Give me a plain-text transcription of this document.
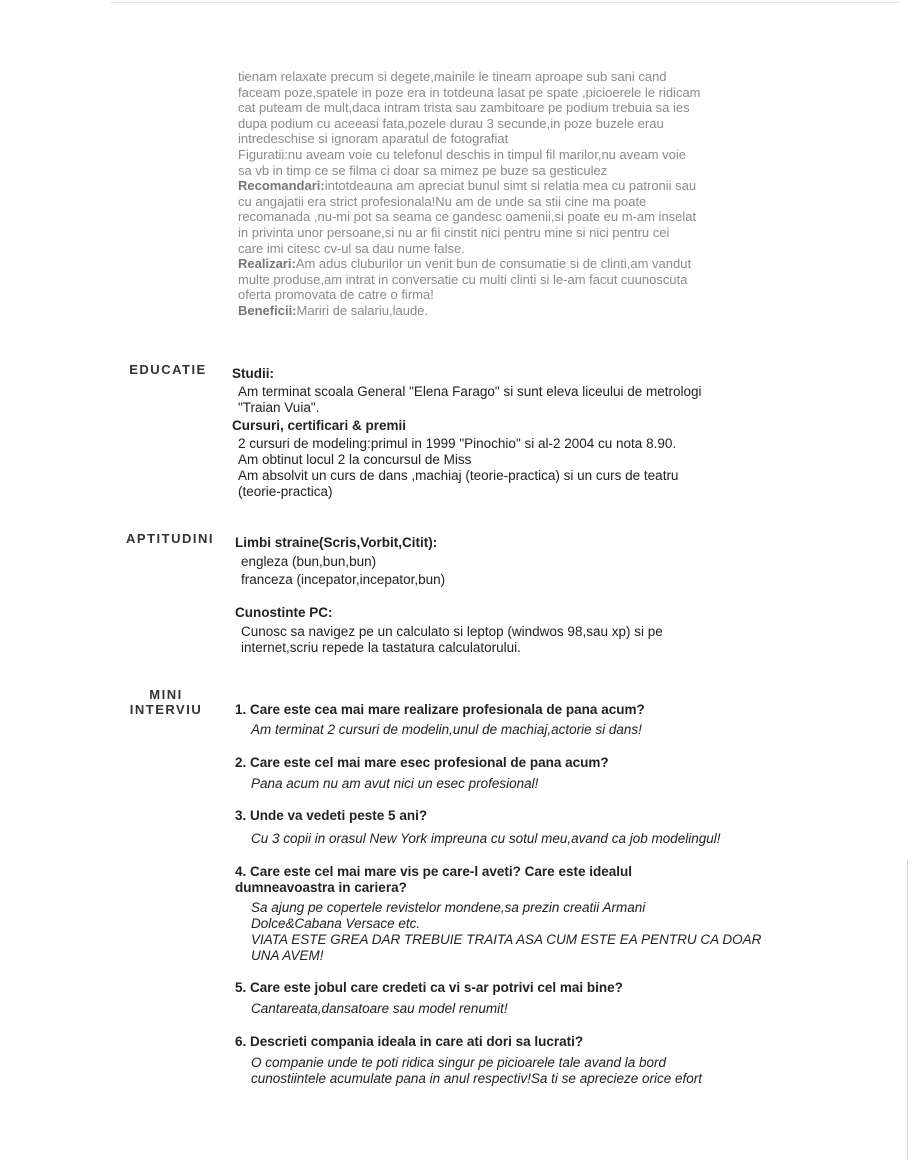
tienam relaxate precum si degete,mainile le tineam aproape sub sani cand
faceam poze,spatele in poze era in totdeuna lasat pe spate ,picioerele le ridicam
cat puteam de mult,daca intram trista sau zambitoare pe podium trebuia sa ies
dupa podium cu aceeasi fata,pozele durau 3 secunde,in poze buzele erau
intredeschise si ignoram aparatul de fotografiat
Figuratii:nu aveam voie cu telefonul deschis in timpul fil marilor,nu aveam voie
sa vb in timp ce se filma ci doar sa mimez pe buze sa gesticulez
Recomandari:intotdeauna am apreciat bunul simt si relatia mea cu patronii sau
cu angajatii era strict profesionala!Nu am de unde sa stii cine ma poate
recomanada ,nu-mi pot sa seama ce gandesc oamenii,si poate eu m-am inselat
in privinta unor persoane,si nu ar fii cinstit nici pentru mine si nici pentru cei
care imi citesc cv-ul sa dau nume false.
Realizari:Am adus cluburilor un venit bun de consumatie si de clinti,am vandut
multe produse,am intrat in conversatie cu multi clinti si le-am facut cuunoscuta
oferta promovata de catre o firma!
Beneficii:Mariri de salariu,laude.
EDUCATIE	Studii:
Am terminat scoala General "Elena Farago" si sunt eleva liceului de metrologi
"Traian Vuia".
Cursuri, certificari & premii
2 cursuri de modeling:primul in 1999 "Pinochio" si al-2 2004 cu nota 8.90.
Am obtinut locul 2 la concursul de Miss
Am absolvit un curs de dans ,machiaj (teorie-practica) si un curs de teatru
(teorie-practica)
APTITUDINI	Limbi straine(Scris,Vorbit,Citit):
engleza (bun,bun,bun)
franceza (incepator,incepator,bun)
Cunostinte PC:
Cunosc sa navigez pe un calculato si leptop (windwos 98,sau xp) si pe
internet,scriu repede la tastatura calculatorului.
MINI
INTERVIU	1. Care este cea mai mare realizare profesionala de pana acum?
Am terminat 2 cursuri de modelin,unul de machiaj,actorie si dans!
2. Care este cel mai mare esec profesional de pana acum?
Pana acum nu am avut nici un esec profesional!
3. Unde va vedeti peste 5 ani?
Cu 3 copii in orasul New York impreuna cu sotul meu,avand ca job modelingul!
4. Care este cel mai mare vis pe care-l aveti? Care este idealul
dumneavoastra in cariera?
Sa ajung pe copertele revistelor mondene,sa prezin creatii Armani
Dolce&Cabana Versace etc.
VIATA ESTE GREA DAR TREBUIE TRAITA ASA CUM ESTE EA PENTRU CA DOAR
UNA AVEM!
5. Care este jobul care credeti ca vi s-ar potrivi cel mai bine?
Cantareata,dansatoare sau model renumit!
6. Descrieti compania ideala in care ati dori sa lucrati?
O companie unde te poti ridica singur pe picioarele tale avand la bord
cunostiintele acumulate pana in anul respectiv!Sa ti se aprecieze orice efort
